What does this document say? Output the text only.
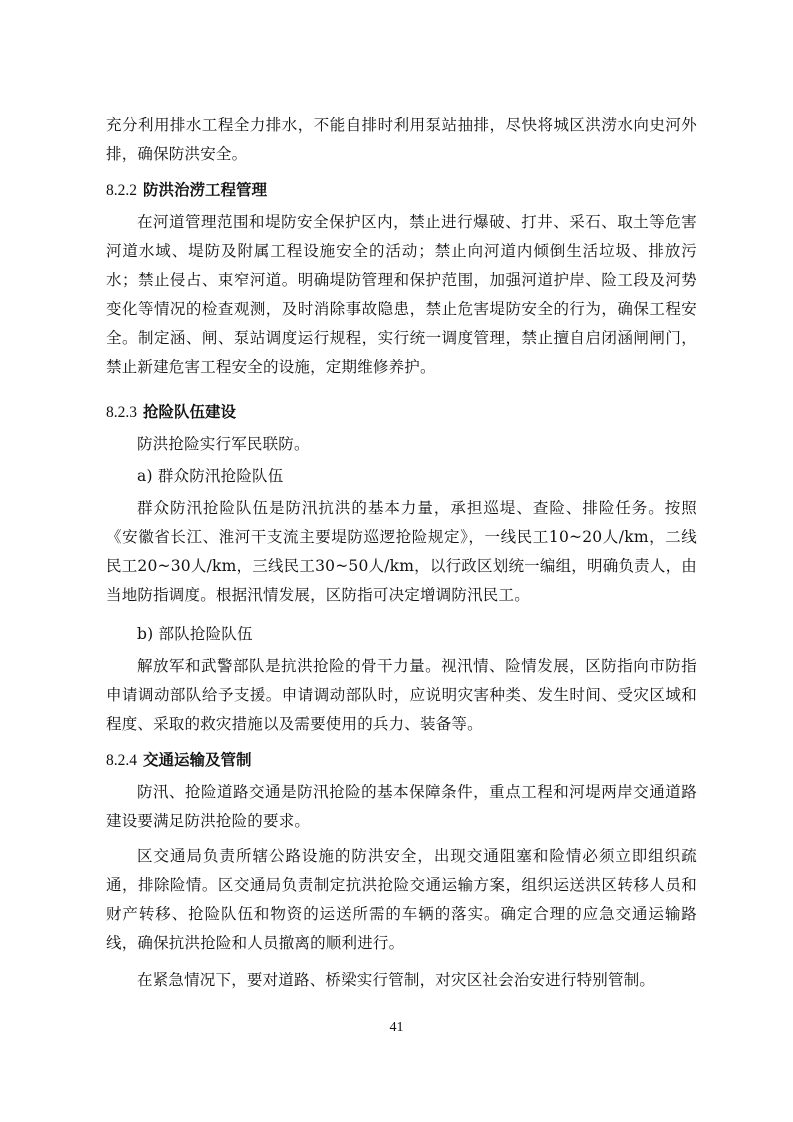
充分利用排水工程全力排水，不能自排时利用泵站抽排，尽快将城区洪涝水向史河外排，确保防洪安全。

8.2.2 防洪治涝工程管理

在河道管理范围和堤防安全保护区内，禁止进行爆破、打井、采石、取土等危害河道水域、堤防及附属工程设施安全的活动；禁止向河道内倾倒生活垃圾、排放污水；禁止侵占、束窄河道。明确堤防管理和保护范围，加强河道护岸、险工段及河势变化等情况的检查观测，及时消除事故隐患，禁止危害堤防安全的行为，确保工程安全。制定涵、闸、泵站调度运行规程，实行统一调度管理，禁止擅自启闭涵闸闸门，禁止新建危害工程安全的设施，定期维修养护。

8.2.3 抢险队伍建设

防洪抢险实行军民联防。

a) 群众防汛抢险队伍

群众防汛抢险队伍是防汛抗洪的基本力量，承担巡堤、查险、排险任务。按照《安徽省长江、淮河干支流主要堤防巡逻抢险规定》，一线民工10~20人/km，二线民工20~30人/km，三线民工30~50人/km，以行政区划统一编组，明确负责人，由当地防指调度。根据汛情发展，区防指可决定增调防汛民工。

b) 部队抢险队伍

解放军和武警部队是抗洪抢险的骨干力量。视汛情、险情发展，区防指向市防指申请调动部队给予支援。申请调动部队时，应说明灾害种类、发生时间、受灾区域和程度、采取的救灾措施以及需要使用的兵力、装备等。

8.2.4 交通运输及管制

防汛、抢险道路交通是防汛抢险的基本保障条件，重点工程和河堤两岸交通道路建设要满足防洪抢险的要求。

区交通局负责所辖公路设施的防洪安全，出现交通阻塞和险情必须立即组织疏通，排除险情。区交通局负责制定抗洪抢险交通运输方案，组织运送洪区转移人员和财产转移、抢险队伍和物资的运送所需的车辆的落实。确定合理的应急交通运输路线，确保抗洪抢险和人员撤离的顺利进行。

在紧急情况下，要对道路、桥梁实行管制，对灾区社会治安进行特别管制。

41
